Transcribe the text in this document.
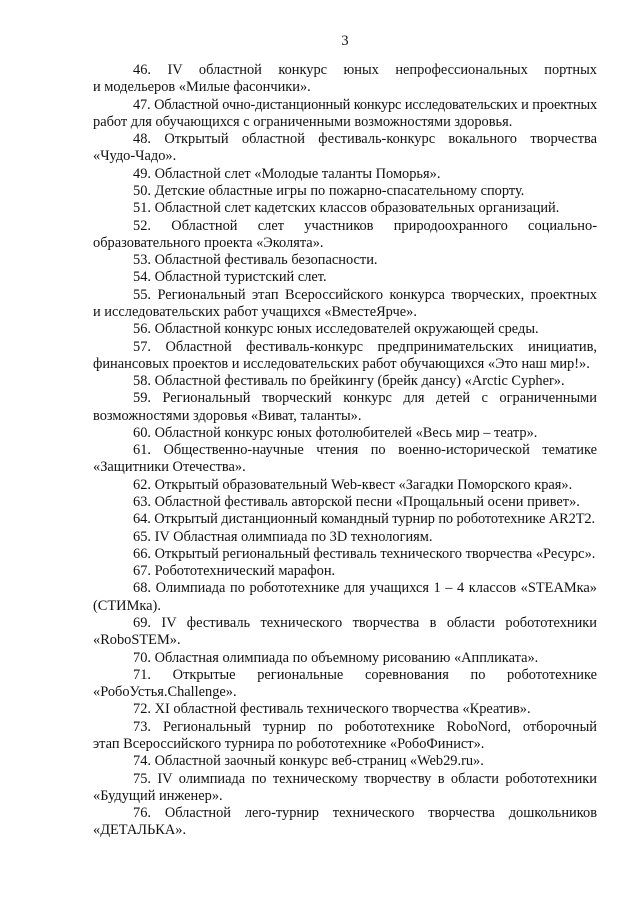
3
46. IV областной конкурс юных непрофессиональных портных
и модельеров «Милые фасончики».
47. Областной очно-дистанционный конкурс исследовательских и проектных
работ для обучающихся с ограниченными возможностями здоровья.
48. Открытый областной фестиваль-конкурс вокального творчества
«Чудо-Чадо».
49. Областной слет «Молодые таланты Поморья».
50. Детские областные игры по пожарно-спасательному спорту.
51. Областной слет кадетских классов образовательных организаций.
52. Областной слет участников природоохранного социально-
образовательного проекта «Эколята».
53. Областной фестиваль безопасности.
54. Областной туристский слет.
55. Региональный этап Всероссийского конкурса творческих, проектных
и исследовательских работ учащихся «ВместеЯрче».
56. Областной конкурс юных исследователей окружающей среды.
57. Областной фестиваль-конкурс предпринимательских инициатив,
финансовых проектов и исследовательских работ обучающихся «Это наш мир!».
58. Областной фестиваль по брейкингу (брейк дансу) «Arctic Cypher».
59. Региональный творческий конкурс для детей с ограниченными
возможностями здоровья «Виват, таланты».
60. Областной конкурс юных фотолюбителей «Весь мир – театр».
61. Общественно-научные чтения по военно-исторической тематике
«Защитники Отечества».
62. Открытый образовательный Web-квест «Загадки Поморского края».
63. Областной фестиваль авторской песни «Прощальный осени привет».
64. Открытый дистанционный командный турнир по робототехнике AR2T2.
65. IV Областная олимпиада по 3D технологиям.
66. Открытый региональный фестиваль технического творчества «Ресурс».
67. Робототехнический марафон.
68. Олимпиада по робототехнике для учащихся 1 – 4 классов «STEAMка»
(СТИМка).
69. IV фестиваль технического творчества в области робототехники
«RoboSTEM».
70. Областная олимпиада по объемному рисованию «Аппликата».
71. Открытые региональные соревнования по робототехнике
«РобоУстья.Challenge».
72. XI областной фестиваль технического творчества «Креатив».
73. Региональный турнир по робототехнике RoboNord, отборочный
этап Всероссийского турнира по робототехнике «РобоФинист».
74. Областной заочный конкурс веб-страниц «Web29.ru».
75. IV олимпиада по техническому творчеству в области робототехники
«Будущий инженер».
76. Областной лего-турнир технического творчества дошкольников
«ДЕТАЛЬКА».
